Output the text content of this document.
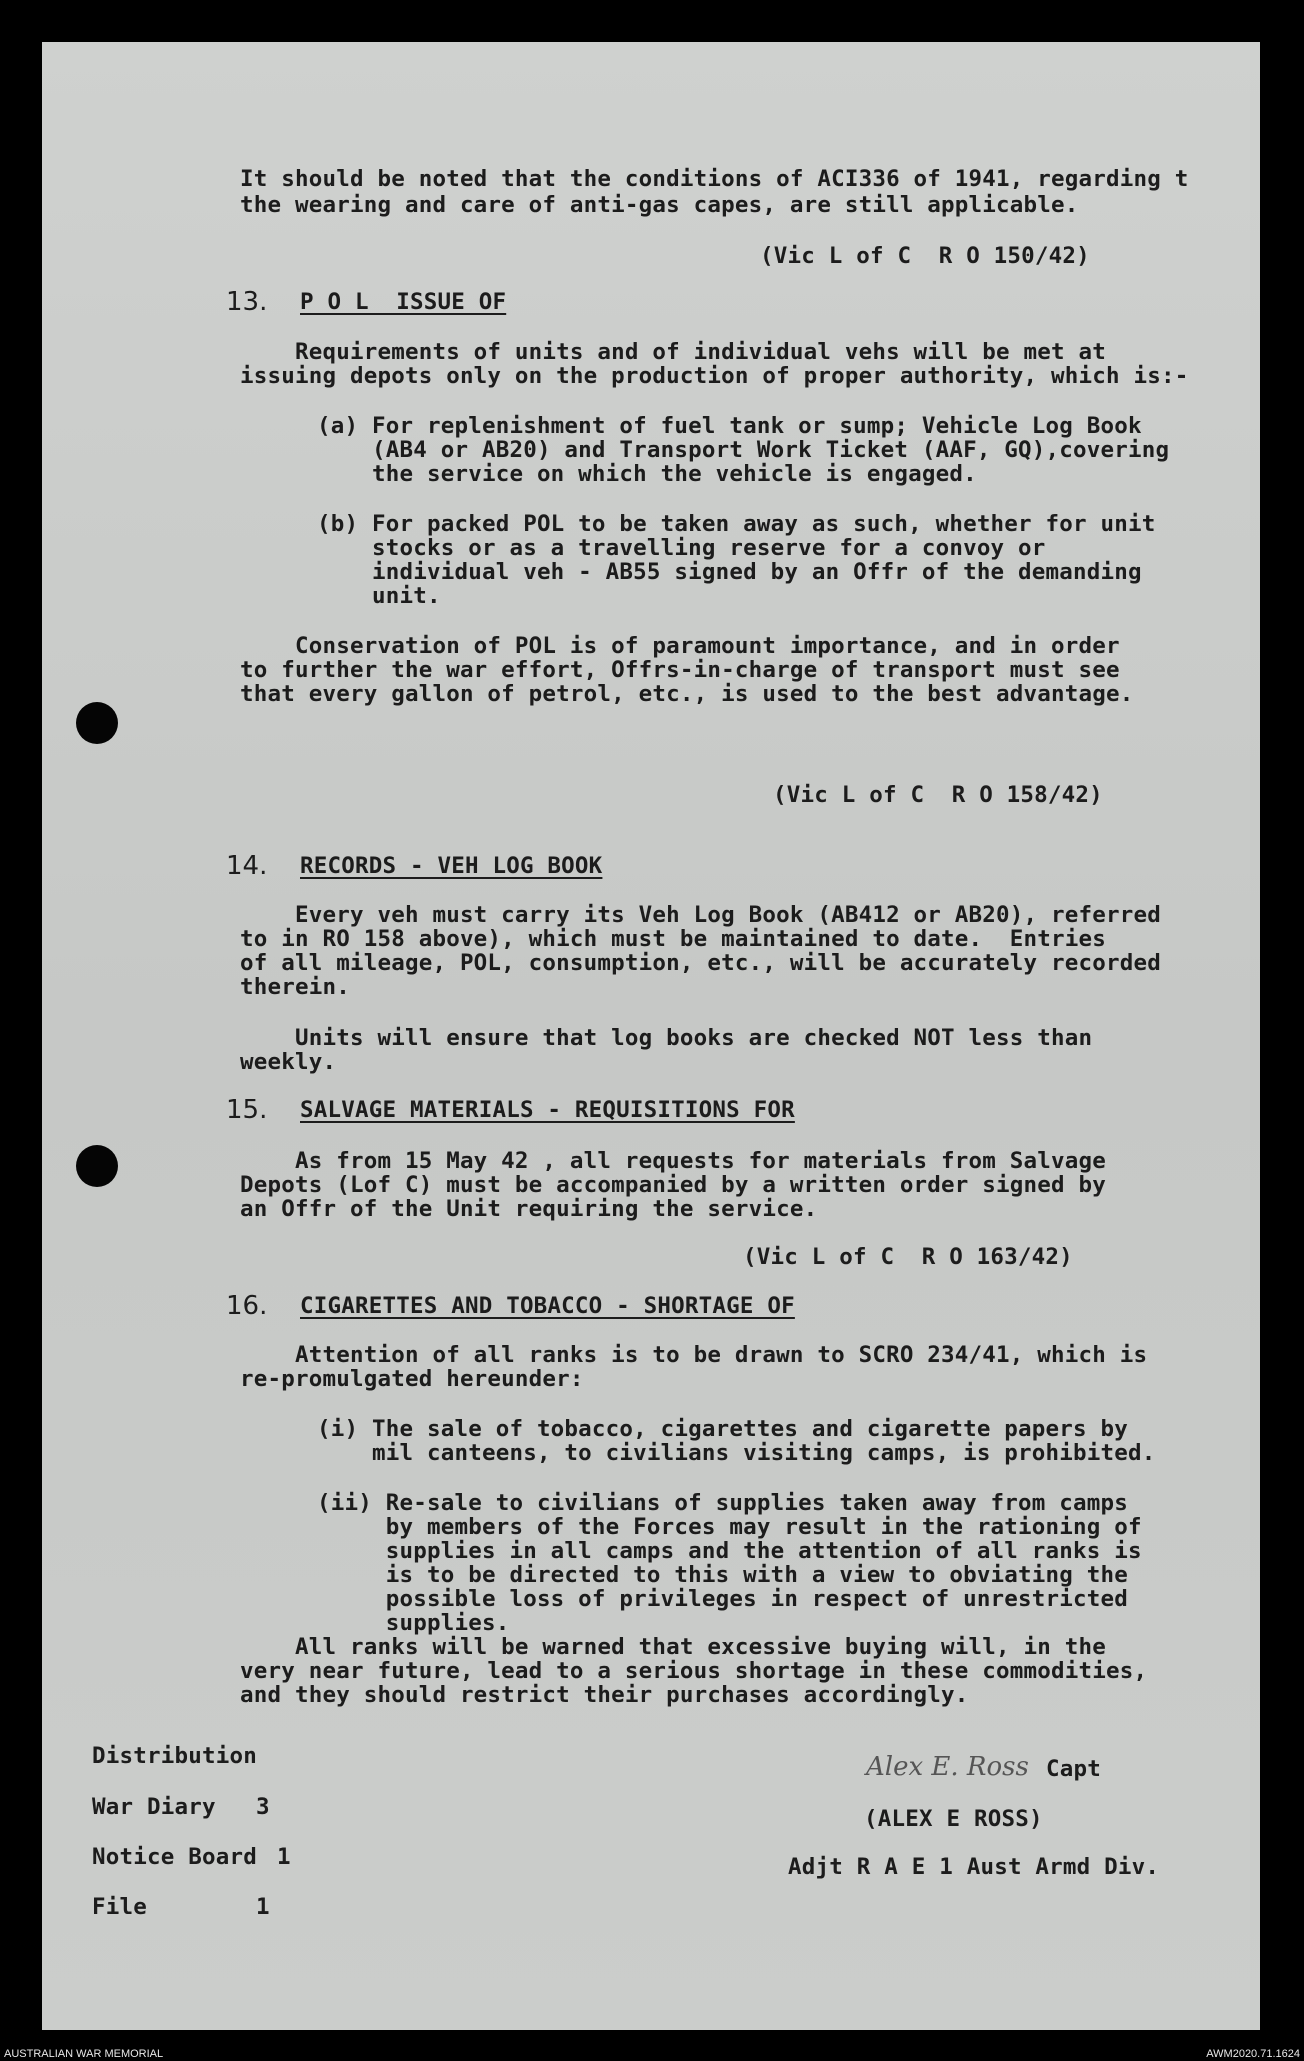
It should be noted that the conditions of ACI336 of 1941, regarding t
the wearing and care of anti-gas capes, are still applicable.
(Vic L of C  R O 150/42)
13. P O L  ISSUE OF
Requirements of units and of individual vehs will be met at
issuing depots only on the production of proper authority, which is:-
(a) For replenishment of fuel tank or sump; Vehicle Log Book
(AB4 or AB20) and Transport Work Ticket (AAF, GQ),covering
the service on which the vehicle is engaged.
(b) For packed POL to be taken away as such, whether for unit
stocks or as a travelling reserve for a convoy or
individual veh - AB55 signed by an Offr of the demanding
unit.
Conservation of POL is of paramount importance, and in order
to further the war effort, Offrs-in-charge of transport must see
that every gallon of petrol, etc., is used to the best advantage.
(Vic L of C  R O 158/42)
14. RECORDS - VEH LOG BOOK
Every veh must carry its Veh Log Book (AB412 or AB20), referred
to in RO 158 above), which must be maintained to date.  Entries
of all mileage, POL, consumption, etc., will be accurately recorded
therein.
Units will ensure that log books are checked NOT less than
weekly.
15. SALVAGE MATERIALS - REQUISITIONS FOR
As from 15 May 42 , all requests for materials from Salvage
Depots (Lof C) must be accompanied by a written order signed by
an Offr of the Unit requiring the service.
(Vic L of C  R O 163/42)
16. CIGARETTES AND TOBACCO - SHORTAGE OF
Attention of all ranks is to be drawn to SCRO 234/41, which is
re-promulgated hereunder:
(i) The sale of tobacco, cigarettes and cigarette papers by
mil canteens, to civilians visiting camps, is prohibited.
(ii) Re-sale to civilians of supplies taken away from camps
by members of the Forces may result in the rationing of
supplies in all camps and the attention of all ranks is
is to be directed to this with a view to obviating the
possible loss of privileges in respect of unrestricted
supplies.
All ranks will be warned that excessive buying will, in the
very near future, lead to a serious shortage in these commodities,
and they should restrict their purchases accordingly.
Distribution
War Diary 3
Notice Board 1
File	1
Alex E. Ross Capt
(ALEX E ROSS)
Adjt R A E 1 Aust Armd Div.
AUSTRALIAN WAR MEMORIAL	AWM2020.71.1624
